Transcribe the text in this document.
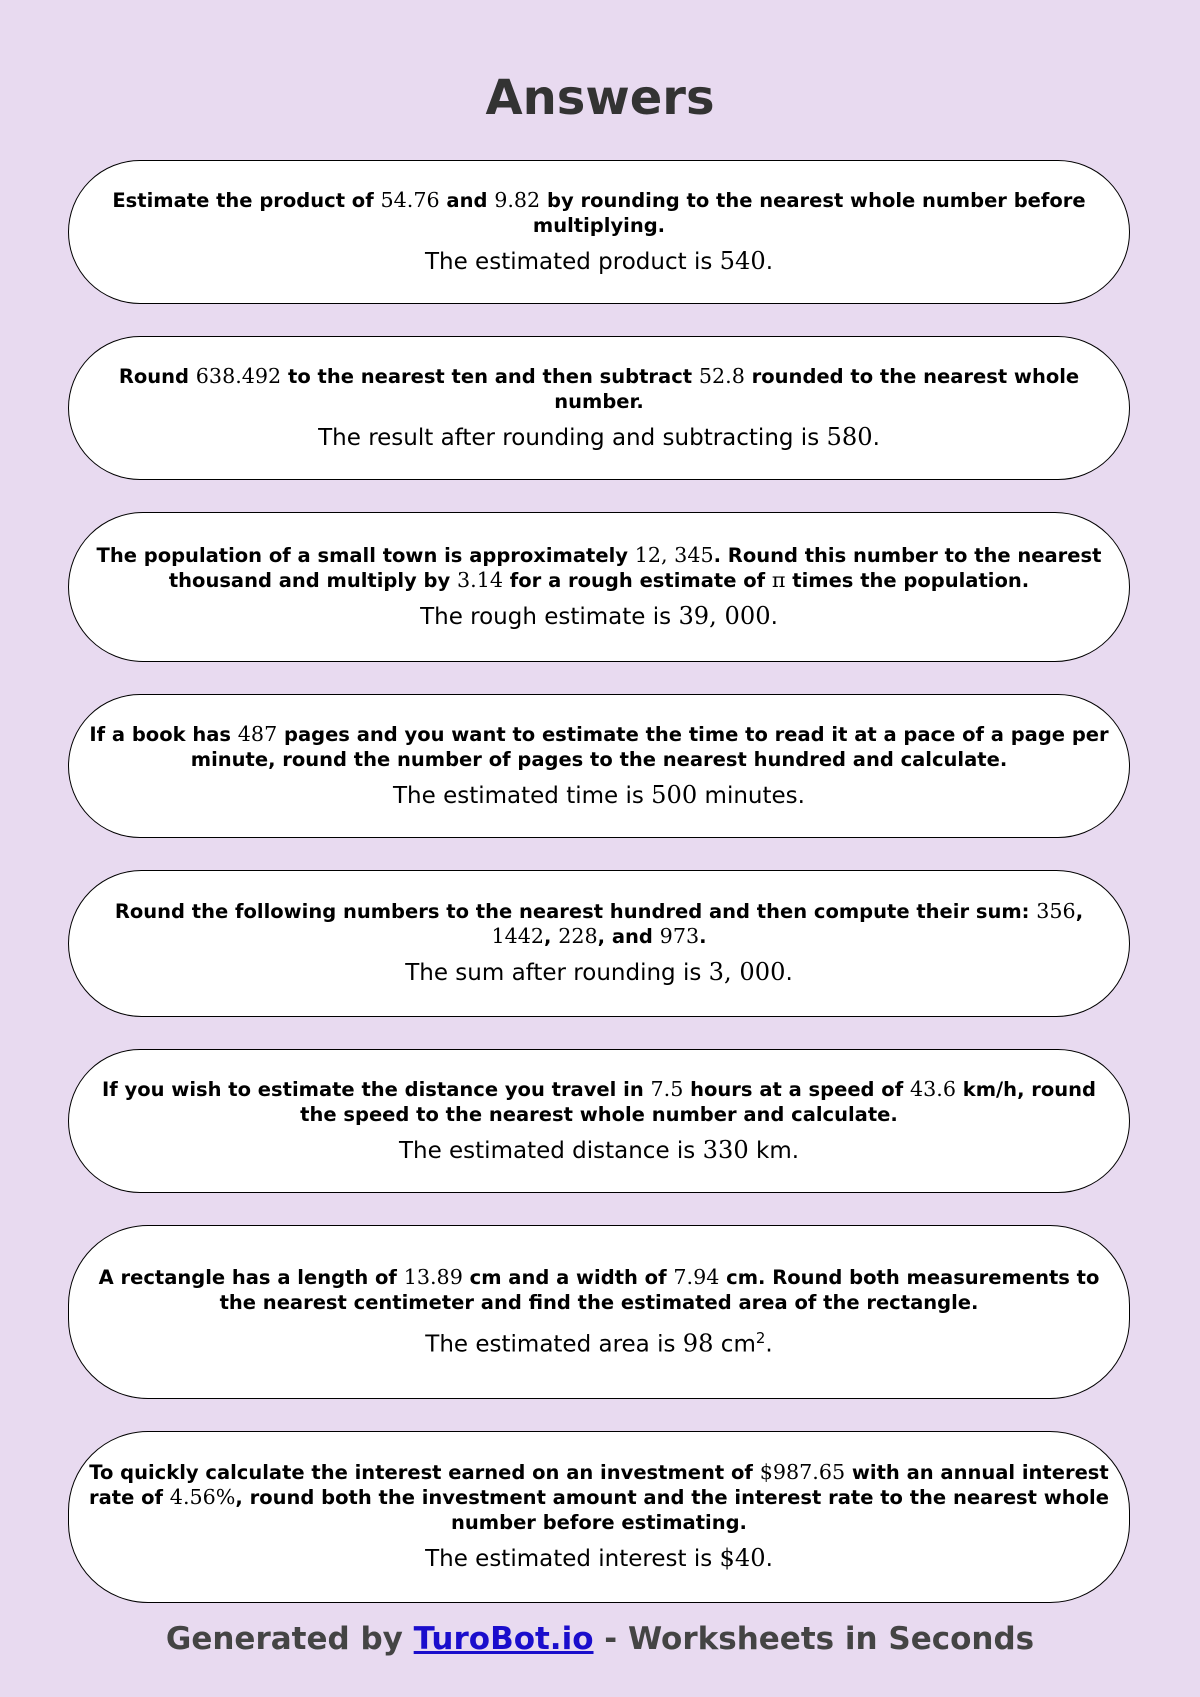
Answers

Estimate the product of 54.76 and 9.82 by rounding to the nearest whole number before multiplying.

The estimated product is 540.

Round 638.492 to the nearest ten and then subtract 52.8 rounded to the nearest whole number.

The result after rounding and subtracting is 580.

The population of a small town is approximately 12, 345. Round this number to the nearest thousand and multiply by 3.14 for a rough estimate of π times the population.

The rough estimate is 39, 000.

If a book has 487 pages and you want to estimate the time to read it at a pace of a page per minute, round the number of pages to the nearest hundred and calculate.

The estimated time is 500 minutes.

Round the following numbers to the nearest hundred and then compute their sum: 356, 1442, 228, and 973.

The sum after rounding is 3, 000.

If you wish to estimate the distance you travel in 7.5 hours at a speed of 43.6 km/h, round the speed to the nearest whole number and calculate.

The estimated distance is 330 km.

A rectangle has a length of 13.89 cm and a width of 7.94 cm. Round both measurements to the nearest centimeter and find the estimated area of the rectangle.

The estimated area is 98 $cm^2$.

To quickly calculate the interest earned on an investment of $987.65 with an annual interest rate of 4.56%, round both the investment amount and the interest rate to the nearest whole number before estimating.

The estimated interest is $40.

Generated by TuroBot.io - Worksheets in Seconds
